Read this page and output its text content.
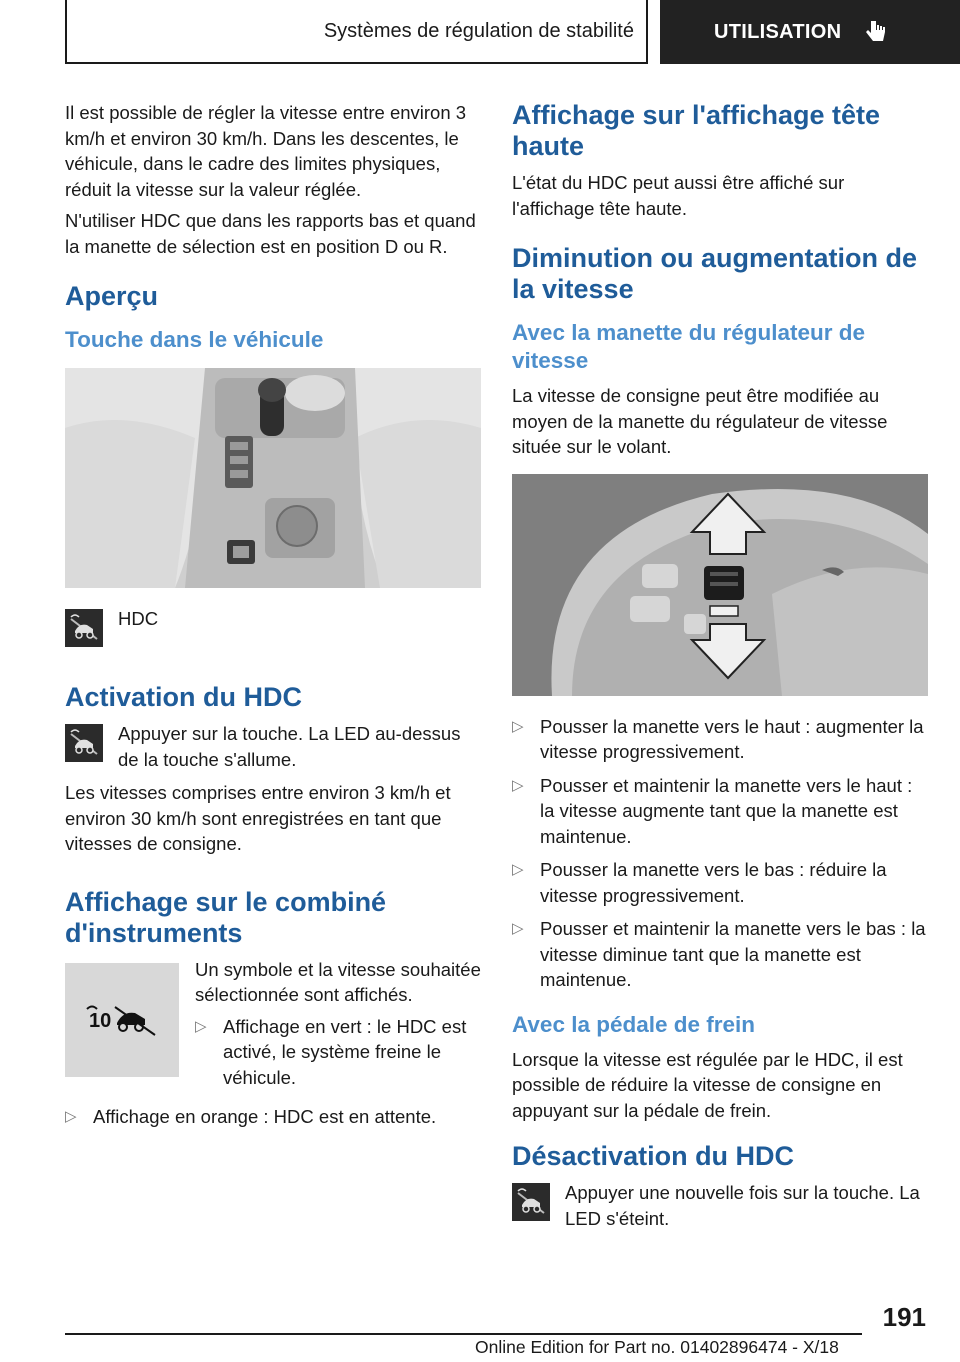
Systèmes de régulation de stabilité	UTILISATION

Il est possible de régler la vitesse entre environ 3 km/h et environ 30 km/h. Dans les descentes, le véhicule, dans le cadre des limites physiques, réduit la vitesse sur la valeur réglée.

N'utiliser HDC que dans les rapports bas et quand la manette de sélection est en position D ou R.

Aperçu
Touche dans le véhicule

HDC

Activation du HDC

Appuyer sur la touche. La LED au-dessus de la touche s'allume.

Les vitesses comprises entre environ 3 km/h et environ 30 km/h sont enregistrées en tant que vitesses de consigne.

Affichage sur le combiné d'instruments
10

Un symbole et la vitesse souhaitée sélectionnée sont affichés.

▷ Affichage en vert : le HDC est activé, le système freine le véhicule.
▷ Affichage en orange : HDC est en attente.
Affichage sur l'affichage tête haute

L'état du HDC peut aussi être affiché sur l'affichage tête haute.

Diminution ou augmentation de la vitesse
Avec la manette du régulateur de vitesse

La vitesse de consigne peut être modifiée au moyen de la manette du régulateur de vitesse située sur le volant.

▷ Pousser la manette vers le haut : augmenter la vitesse progressivement.
▷ Pousser et maintenir la manette vers le haut : la vitesse augmente tant que la manette est maintenue.
▷ Pousser la manette vers le bas : réduire la vitesse progressivement.
▷ Pousser et maintenir la manette vers le bas : la vitesse diminue tant que la manette est maintenue.
Avec la pédale de frein

Lorsque la vitesse est régulée par le HDC, il est possible de réduire la vitesse de consigne en appuyant sur la pédale de frein.

Désactivation du HDC

Appuyer une nouvelle fois sur la touche. La LED s'éteint.

191
Online Edition for Part no. 01402896474 - X/18
